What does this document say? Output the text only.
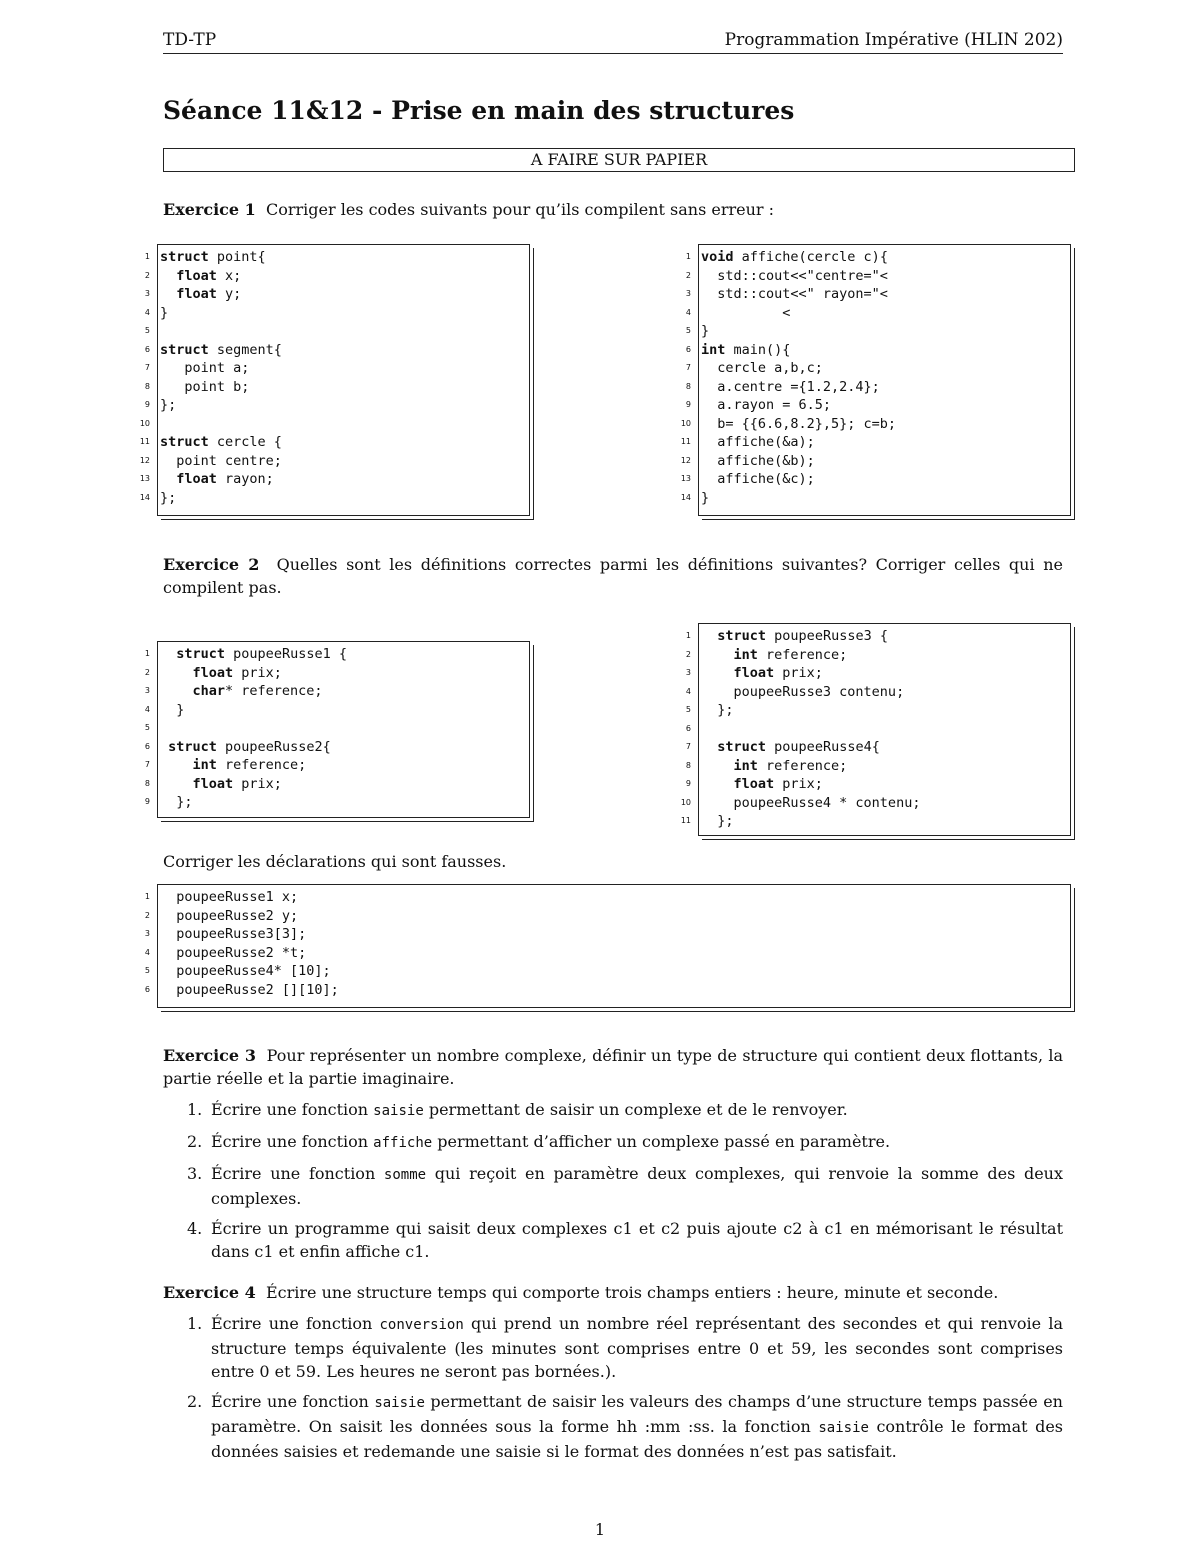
TD-TP	Programmation Impérative (HLIN 202)
Séance 11&12 - Prise en main des structures
A FAIRE SUR PAPIER
Exercice 1 Corriger les codes suivants pour qu’ils compilent sans erreur :
1 struct point{
2 float x;
3 float y;
4 }
5

6 struct segment{
7 point a;
8 point b;
9 };
10

11 struct cercle {
12 point centre;
13 float rayon;
14 };
1 void affiche(cercle c){
2 std::cout<<"centre="<
3 std::cout<<" rayon="<
4 <
5 }
6 int main(){
7 cercle a,b,c;
8 a.centre ={1.2,2.4};
9 a.rayon = 6.5;
10 b= {{6.6,8.2},5}; c=b;
11 affiche(&a);
12 affiche(&b);
13 affiche(&c);
14 }
Exercice 2 Quelles sont les définitions correctes parmi les définitions suivantes? Corriger celles qui ne compilent pas.
1 struct poupeeRusse1 {
2	float prix;
3	char* reference;
4 }
5

6 struct poupeeRusse2{
7	int reference;
8	float prix;
9 };
1 struct poupeeRusse3 {
2	int reference;
3	float prix;
4 poupeeRusse3 contenu;
5 };
6

7 struct poupeeRusse4{
8	int reference;
9	float prix;
10 poupeeRusse4 * contenu;
11 };
Corriger les déclarations qui sont fausses.
1 poupeeRusse1 x;
2 poupeeRusse2 y;
3 poupeeRusse3[3];
4 poupeeRusse2 *t;
5 poupeeRusse4* [10];
6 poupeeRusse2 [][10];
Exercice 3 Pour représenter un nombre complexe, définir un type de structure qui contient deux flottants, la partie réelle et la partie imaginaire.
1. Écrire une fonction saisie permettant de saisir un complexe et de le renvoyer.
2. Écrire une fonction affiche permettant d’afficher un complexe passé en paramètre.
3. Écrire une fonction somme qui reçoit en paramètre deux complexes, qui renvoie la somme des deux complexes.
4. Écrire un programme qui saisit deux complexes c1 et c2 puis ajoute c2 à c1 en mémorisant le résultat dans c1 et enfin affiche c1.
Exercice 4 Écrire une structure temps qui comporte trois champs entiers : heure, minute et seconde.
1. Écrire une fonction conversion qui prend un nombre réel représentant des secondes et qui renvoie la structure temps équivalente (les minutes sont comprises entre 0 et 59, les secondes sont comprises entre 0 et 59. Les heures ne seront pas bornées.).
2. Écrire une fonction saisie permettant de saisir les valeurs des champs d’une structure temps passée en paramètre. On saisit les données sous la forme hh :mm :ss. la fonction saisie contrôle le format des données saisies et redemande une saisie si le format des données n’est pas satisfait.
1
